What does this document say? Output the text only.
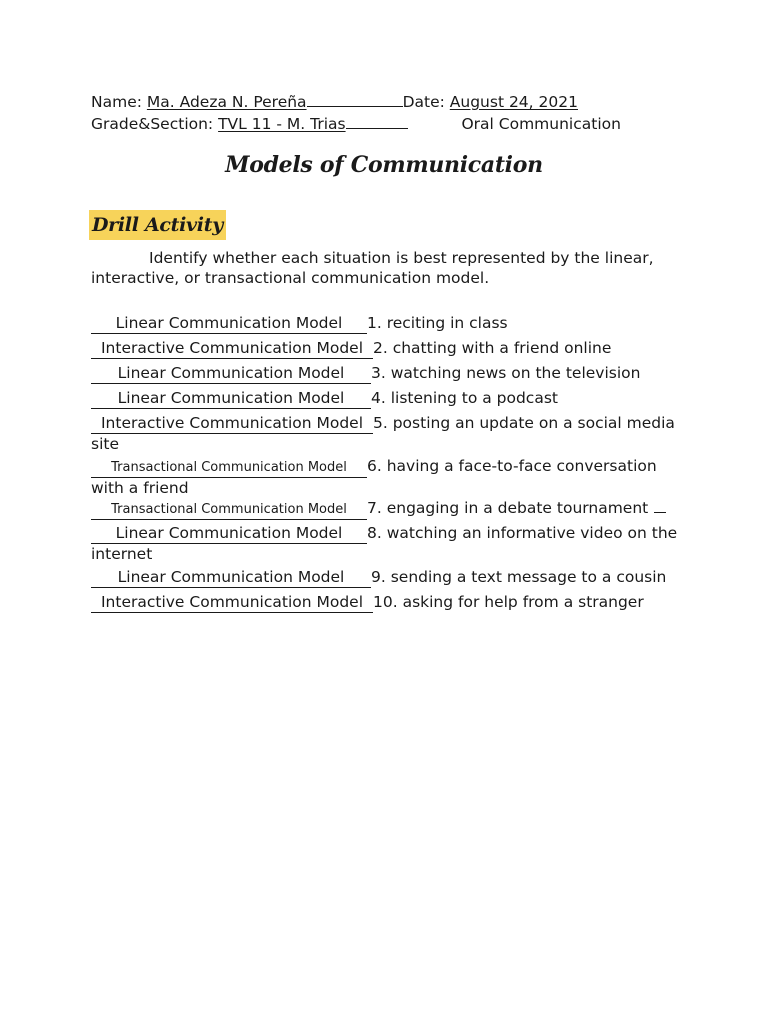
Name: Ma. Adeza N. Pereña	Date: August 24, 2021
Grade&Section: TVL 11 - M. Trias	Oral Communication
Models of Communication
Drill Activity
Identify whether each situation is best represented by the linear, interactive, or transactional communication model.
Linear Communication Model 1. reciting in class
Interactive Communication Model 2. chatting with a friend online
Linear Communication Model 3. watching news on the television
Linear Communication Model 4. listening to a podcast
Interactive Communication Model 5. posting an update on a social media site
Transactional Communication Model 6. having a face-to-face conversation with a friend
Transactional Communication Model 7. engaging in a debate tournament
Linear Communication Model 8. watching an informative video on the internet
Linear Communication Model 9. sending a text message to a cousin
Interactive Communication Model 10. asking for help from a stranger
